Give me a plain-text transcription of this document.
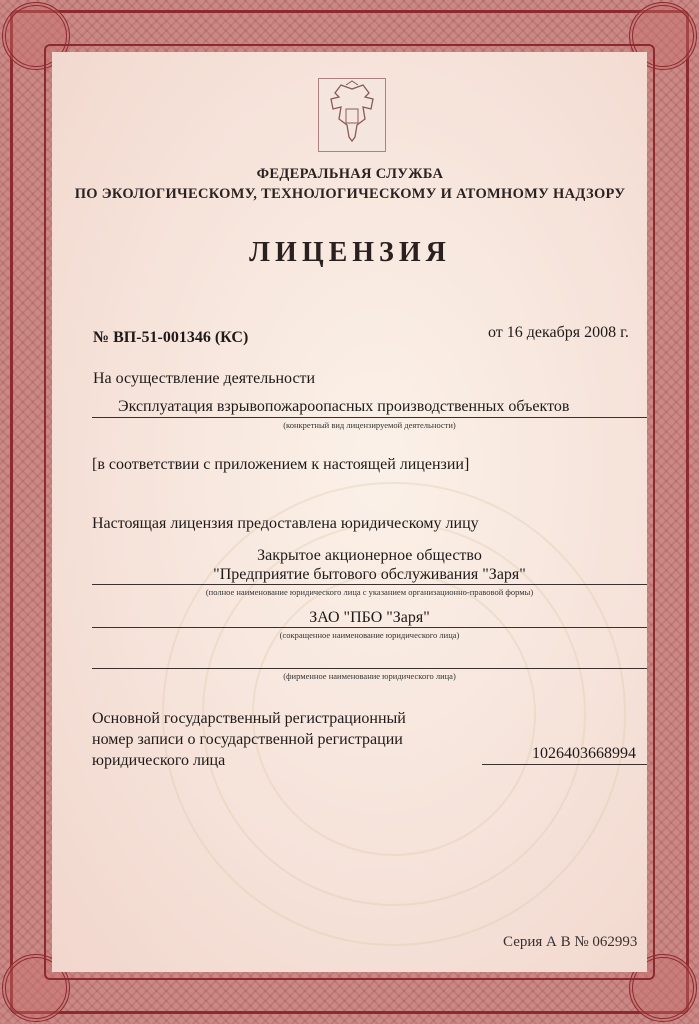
ФЕДЕРАЛЬНАЯ СЛУЖБА
ПО ЭКОЛОГИЧЕСКОМУ, ТЕХНОЛОГИЧЕСКОМУ И АТОМНОМУ НАДЗОРУ
ЛИЦЕНЗИЯ
№ ВП-51-001346 (КС)	от 16 декабря 2008 г.
На осуществление деятельности
Эксплуатация взрывопожароопасных производственных объектов
(конкретный вид лицензируемой деятельности)
[в соответствии с приложением к настоящей лицензии]
Настоящая лицензия предоставлена юридическому лицу
Закрытое акционерное общество
"Предприятие бытового обслуживания "Заря"
(полное наименование юридического лица с указанием организационно-правовой формы)
ЗАО "ПБО "Заря"
(сокращенное наименование юридического лица)
(фирменное наименование юридического лица)
Основной государственный регистрационный
номер записи о государственной регистрации
юридического лица	1026403668994
Серия А В № 062993
